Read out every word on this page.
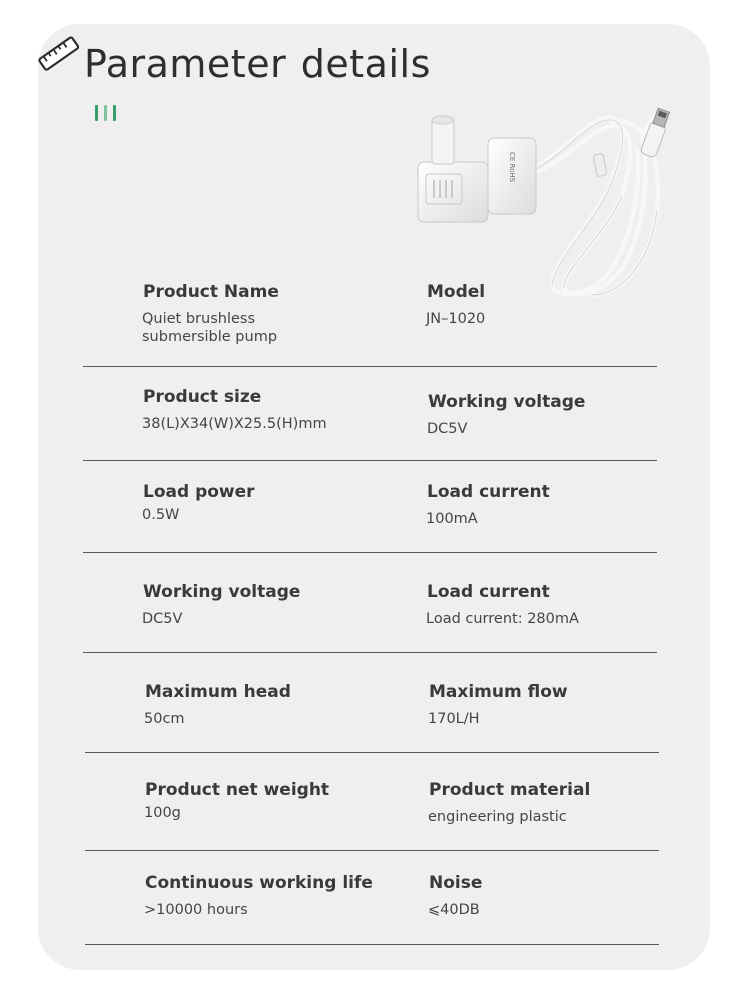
Parameter details
CE RoHS
Product Name
Quiet brushless
submersible pump
Model
JN–1020
Product size
38(L)X34(W)X25.5(H)mm
Working voltage
DC5V
Load power
0.5W
Load current
100mA
Working voltage
DC5V
Load current
Load current: 280mA
Maximum head
50cm
Maximum flow
170L/H
Product net weight
100g
Product material
engineering plastic
Continuous working life
>10000 hours
Noise
⩽40DB
